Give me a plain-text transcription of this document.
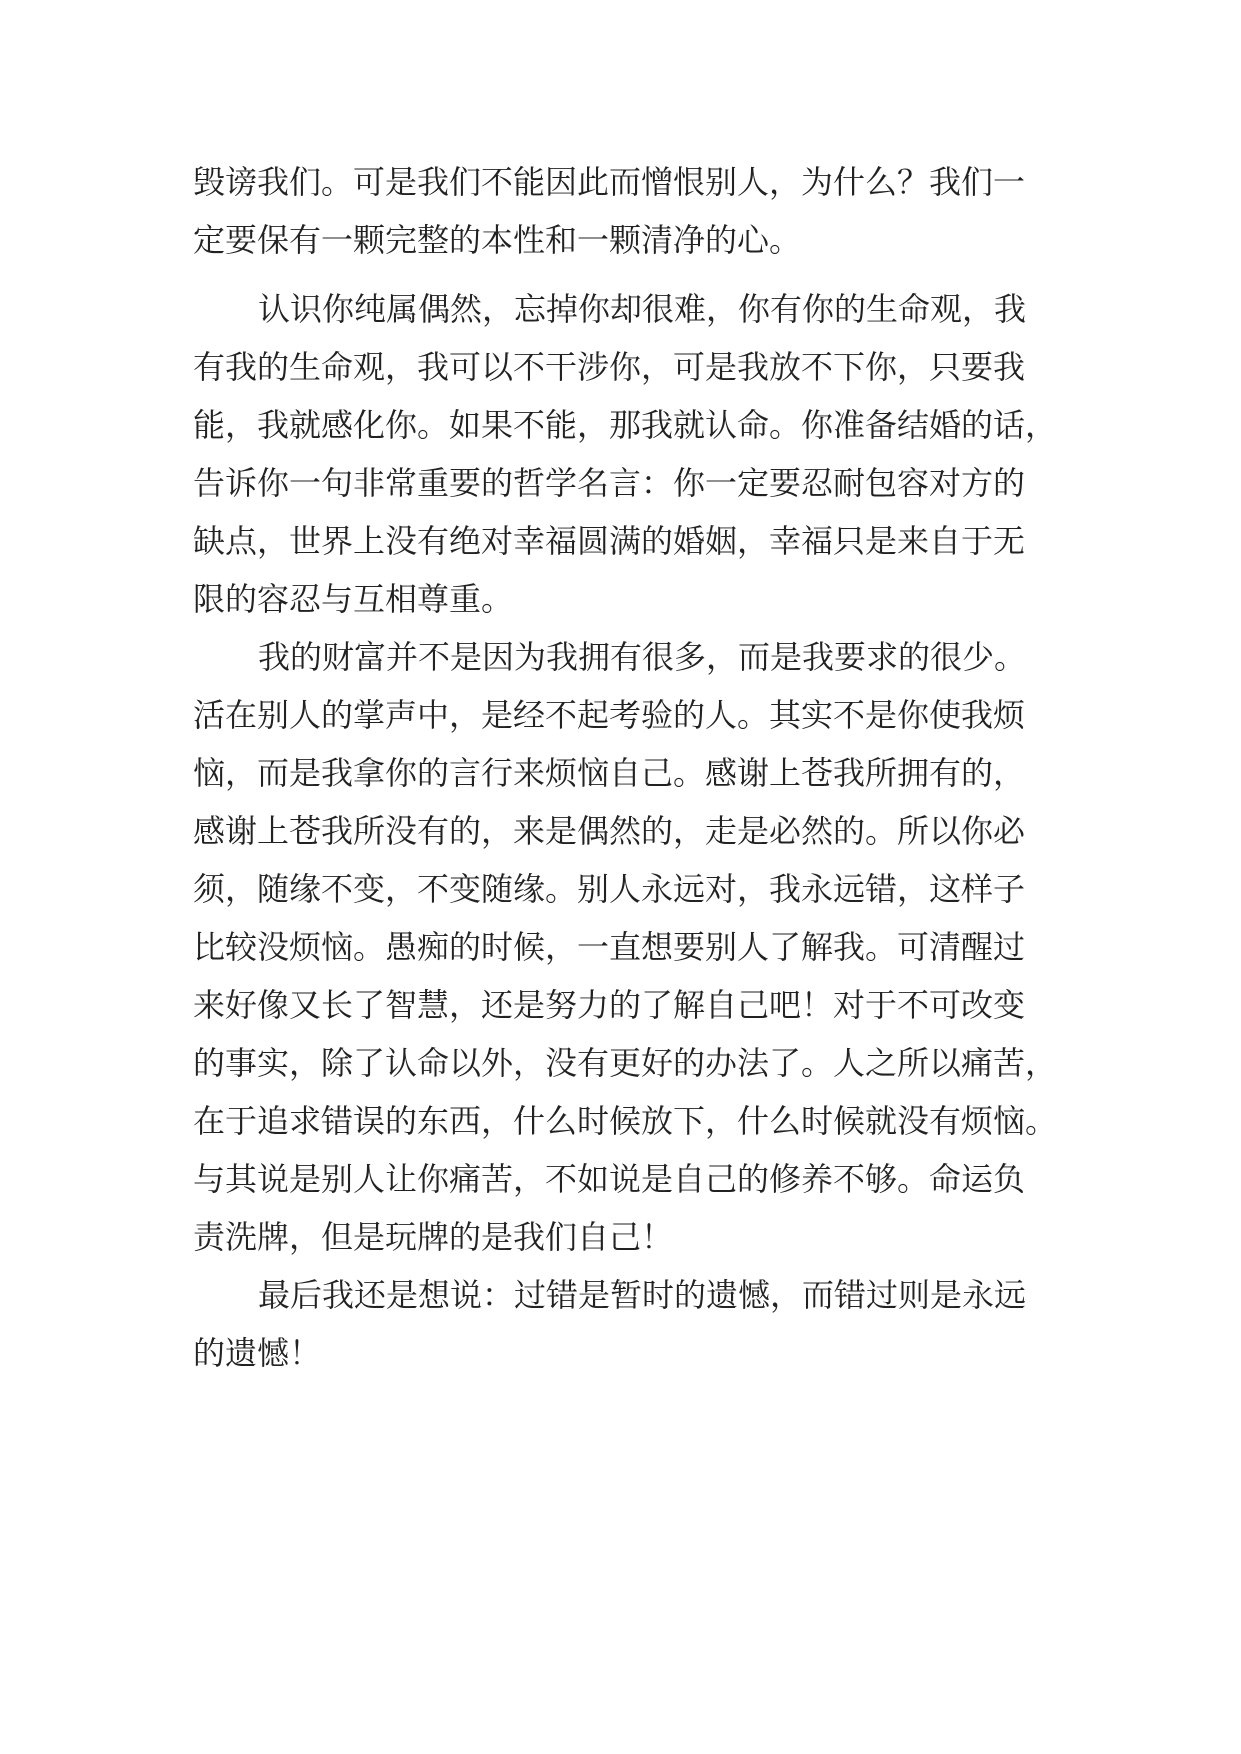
毁谤我们。可是我们不能因此而憎恨别人，为什么？我们一
定要保有一颗完整的本性和一颗清净的心。
认识你纯属偶然，忘掉你却很难，你有你的生命观，我
有我的生命观，我可以不干涉你，可是我放不下你，只要我
能，我就感化你。如果不能，那我就认命。你准备结婚的话，
告诉你一句非常重要的哲学名言：你一定要忍耐包容对方的
缺点，世界上没有绝对幸福圆满的婚姻，幸福只是来自于无
限的容忍与互相尊重。
我的财富并不是因为我拥有很多，而是我要求的很少。
活在别人的掌声中，是经不起考验的人。其实不是你使我烦
恼，而是我拿你的言行来烦恼自己。感谢上苍我所拥有的，
感谢上苍我所没有的，来是偶然的，走是必然的。所以你必
须，随缘不变，不变随缘。别人永远对，我永远错，这样子
比较没烦恼。愚痴的时候，一直想要别人了解我。可清醒过
来好像又长了智慧，还是努力的了解自己吧！对于不可改变
的事实，除了认命以外，没有更好的办法了。人之所以痛苦，
在于追求错误的东西，什么时候放下，什么时候就没有烦恼。
与其说是别人让你痛苦，不如说是自己的修养不够。命运负
责洗牌，但是玩牌的是我们自己！
最后我还是想说：过错是暂时的遗憾，而错过则是永远
的遗憾！
